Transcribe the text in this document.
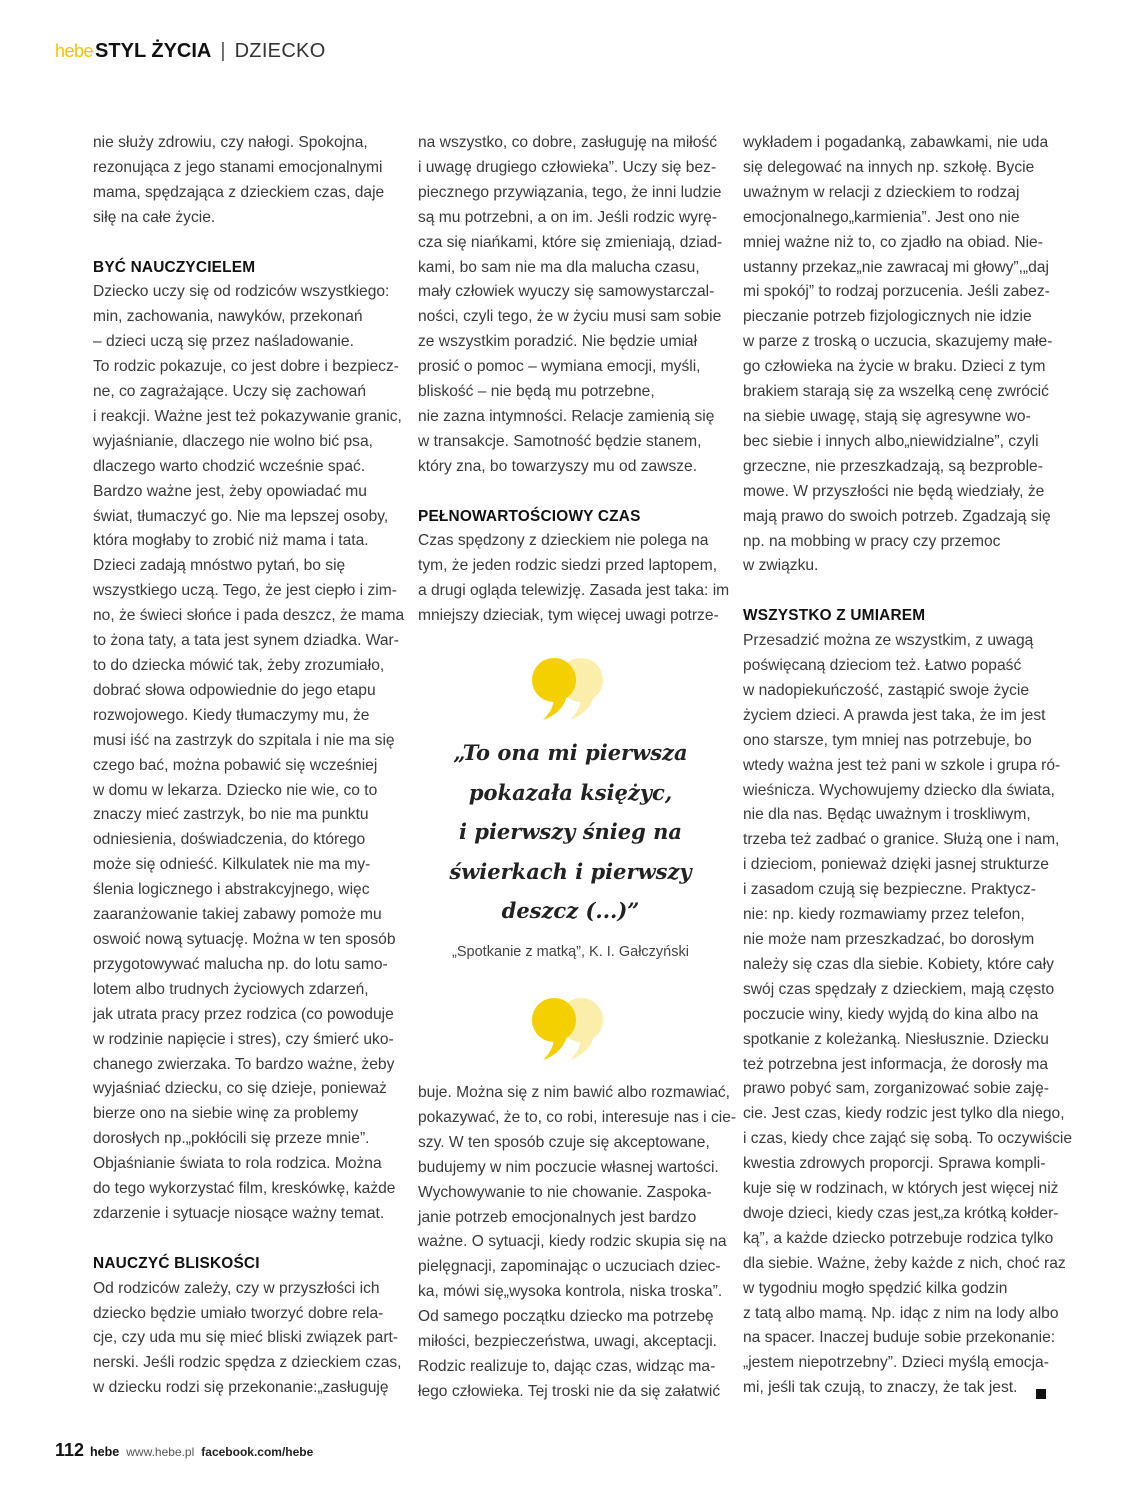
hebe STYL ŻYCIA | DZIECKO
nie służy zdrowiu, czy nałogi. Spokojna,
rezonująca z jego stanami emocjonalnymi
mama, spędzająca z dzieckiem czas, daje
siłę na całe życie.
BYĆ NAUCZYCIELEM
Dziecko uczy się od rodziców wszystkiego:
min, zachowania, nawyków, przekonań
– dzieci uczą się przez naśladowanie.
To rodzic pokazuje, co jest dobre i bezpiecz-
ne, co zagrażające. Uczy się zachowań
i reakcji. Ważne jest też pokazywanie granic,
wyjaśnianie, dlaczego nie wolno bić psa,
dlaczego warto chodzić wcześnie spać.
Bardzo ważne jest, żeby opowiadać mu
świat, tłumaczyć go. Nie ma lepszej osoby,
która mogłaby to zrobić niż mama i tata.
Dzieci zadają mnóstwo pytań, bo się
wszystkiego uczą. Tego, że jest ciepło i zim-
no, że świeci słońce i pada deszcz, że mama
to żona taty, a tata jest synem dziadka. War-
to do dziecka mówić tak, żeby zrozumiało,
dobrać słowa odpowiednie do jego etapu
rozwojowego. Kiedy tłumaczymy mu, że
musi iść na zastrzyk do szpitala i nie ma się
czego bać, można pobawić się wcześniej
w domu w lekarza. Dziecko nie wie, co to
znaczy mieć zastrzyk, bo nie ma punktu
odniesienia, doświadczenia, do którego
może się odnieść. Kilkulatek nie ma my-
ślenia logicznego i abstrakcyjnego, więc
zaaranżowanie takiej zabawy pomoże mu
oswoić nową sytuację. Można w ten sposób
przygotowywać malucha np. do lotu samo-
lotem albo trudnych życiowych zdarzeń,
jak utrata pracy przez rodzica (co powoduje
w rodzinie napięcie i stres), czy śmierć uko-
chanego zwierzaka. To bardzo ważne, żeby
wyjaśniać dziecku, co się dzieje, ponieważ
bierze ono na siebie winę za problemy
dorosłych np.„pokłócili się przeze mnie”.
Objaśnianie świata to rola rodzica. Można
do tego wykorzystać film, kreskówkę, każde
zdarzenie i sytuacje niosące ważny temat.
NAUCZYĆ BLISKOŚCI
Od rodziców zależy, czy w przyszłości ich
dziecko będzie umiało tworzyć dobre rela-
cje, czy uda mu się mieć bliski związek part-
nerski. Jeśli rodzic spędza z dzieckiem czas,
w dziecku rodzi się przekonanie:„zasługuję
na wszystko, co dobre, zasługuję na miłość
i uwagę drugiego człowieka”. Uczy się bez-
piecznego przywiązania, tego, że inni ludzie
są mu potrzebni, a on im. Jeśli rodzic wyrę-
cza się niańkami, które się zmieniają, dziad-
kami, bo sam nie ma dla malucha czasu,
mały człowiek wyuczy się samowystarczal-
ności, czyli tego, że w życiu musi sam sobie
ze wszystkim poradzić. Nie będzie umiał
prosić o pomoc – wymiana emocji, myśli,
bliskość – nie będą mu potrzebne,
nie zazna intymności. Relacje zamienią się
w transakcje. Samotność będzie stanem,
który zna, bo towarzyszy mu od zawsze.
PEŁNOWARTOŚCIOWY CZAS
Czas spędzony z dzieckiem nie polega na
tym, że jeden rodzic siedzi przed laptopem,
a drugi ogląda telewizję. Zasada jest taka: im
mniejszy dzieciak, tym więcej uwagi potrze-
„To ona mi pierwsza
pokazała księżyc,
i pierwszy śnieg na
świerkach i pierwszy
deszcz (...)”
„Spotkanie z matką”, K. I. Gałczyński
buje. Można się z nim bawić albo rozmawiać,
pokazywać, że to, co robi, interesuje nas i cie-
szy. W ten sposób czuje się akceptowane,
budujemy w nim poczucie własnej wartości.
Wychowywanie to nie chowanie. Zaspoka-
janie potrzeb emocjonalnych jest bardzo
ważne. O sytuacji, kiedy rodzic skupia się na
pielęgnacji, zapominając o uczuciach dziec-
ka, mówi się„wysoka kontrola, niska troska”.
Od samego początku dziecko ma potrzebę
miłości, bezpieczeństwa, uwagi, akceptacji.
Rodzic realizuje to, dając czas, widząc ma-
łego człowieka. Tej troski nie da się załatwić
wykładem i pogadanką, zabawkami, nie uda
się delegować na innych np. szkołę. Bycie
uważnym w relacji z dzieckiem to rodzaj
emocjonalnego„karmienia”. Jest ono nie
mniej ważne niż to, co zjadło na obiad. Nie-
ustanny przekaz„nie zawracaj mi głowy”,„daj
mi spokój” to rodzaj porzucenia. Jeśli zabez-
pieczanie potrzeb fizjologicznych nie idzie
w parze z troską o uczucia, skazujemy małe-
go człowieka na życie w braku. Dzieci z tym
brakiem starają się za wszelką cenę zwrócić
na siebie uwagę, stają się agresywne wo-
bec siebie i innych albo„niewidzialne”, czyli
grzeczne, nie przeszkadzają, są bezproble-
mowe. W przyszłości nie będą wiedziały, że
mają prawo do swoich potrzeb. Zgadzają się
np. na mobbing w pracy czy przemoc
w związku.
WSZYSTKO Z UMIAREM
Przesadzić można ze wszystkim, z uwagą
poświęcaną dzieciom też. Łatwo popaść
w nadopiekuńczość, zastąpić swoje życie
życiem dzieci. A prawda jest taka, że im jest
ono starsze, tym mniej nas potrzebuje, bo
wtedy ważna jest też pani w szkole i grupa ró-
wieśnicza. Wychowujemy dziecko dla świata,
nie dla nas. Będąc uważnym i troskliwym,
trzeba też zadbać o granice. Służą one i nam,
i dzieciom, ponieważ dzięki jasnej strukturze
i zasadom czują się bezpieczne. Praktycz-
nie: np. kiedy rozmawiamy przez telefon,
nie może nam przeszkadzać, bo dorosłym
należy się czas dla siebie. Kobiety, które cały
swój czas spędzały z dzieckiem, mają często
poczucie winy, kiedy wyjdą do kina albo na
spotkanie z koleżanką. Niesłusznie. Dziecku
też potrzebna jest informacja, że dorosły ma
prawo pobyć sam, zorganizować sobie zaję-
cie. Jest czas, kiedy rodzic jest tylko dla niego,
i czas, kiedy chce zająć się sobą. To oczywiście
kwestia zdrowych proporcji. Sprawa kompli-
kuje się w rodzinach, w których jest więcej niż
dwoje dzieci, kiedy czas jest„za krótką kołder-
ką”, a każde dziecko potrzebuje rodzica tylko
dla siebie. Ważne, żeby każde z nich, choć raz
w tygodniu mogło spędzić kilka godzin
z tatą albo mamą. Np. idąc z nim na lody albo
na spacer. Inaczej buduje sobie przekonanie:
„jestem niepotrzebny”. Dzieci myślą emocja-
mi, jeśli tak czują, to znaczy, że tak jest.
112 hebe www.hebe.pl facebook.com/hebe
